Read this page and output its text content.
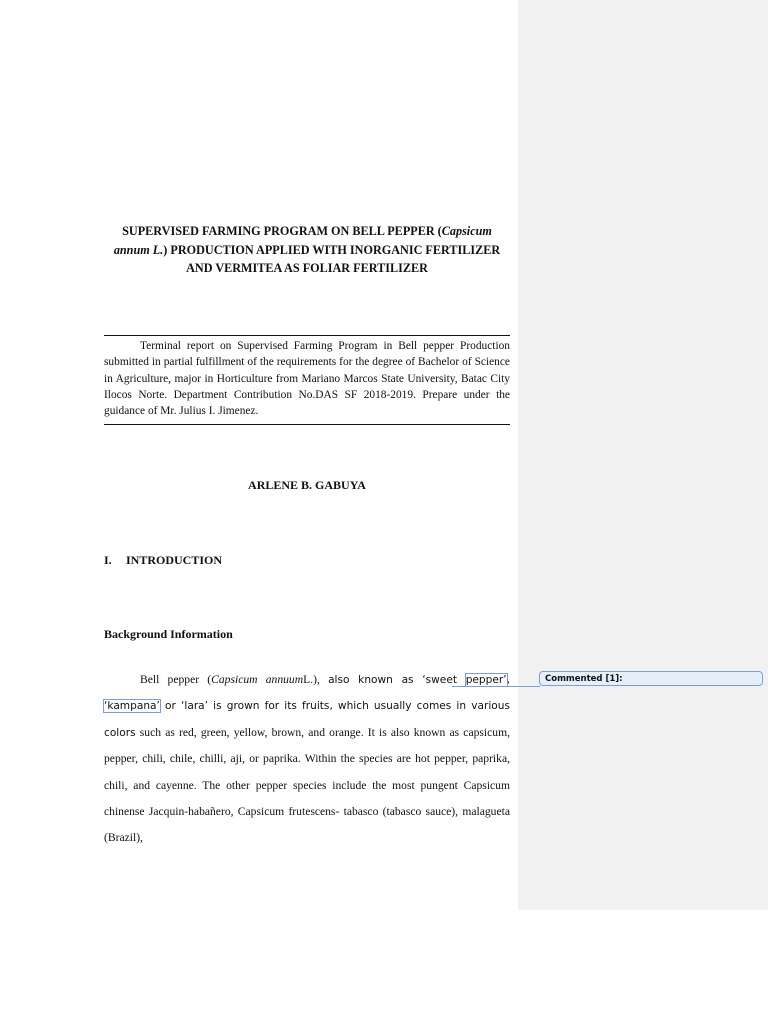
SUPERVISED FARMING PROGRAM ON BELL PEPPER (Capsicum annum L.) PRODUCTION APPLIED WITH INORGANIC FERTILIZER AND VERMITEA AS FOLIAR FERTILIZER
Terminal report on Supervised Farming Program in Bell pepper Production submitted in partial fulfillment of the requirements for the degree of Bachelor of Science in Agriculture, major in Horticulture from Mariano Marcos State University, Batac City Ilocos Norte. Department Contribution No.DAS SF 2018-2019. Prepare under the guidance of Mr. Julius I. Jimenez.
ARLENE B. GABUYA
I. INTRODUCTION
Background Information
Bell pepper (Capsicum annuumL.), also known as ‘sweet pepper’, ‘kampana’ or ‘lara’ is grown for its fruits, which usually comes in various colors such as red, green, yellow, brown, and orange. It is also known as capsicum, pepper, chili, chile, chilli, aji, or paprika. Within the species are hot pepper, paprika, chili, and cayenne. The other pepper species include the most pungent Capsicum chinense Jacquin-habañero, Capsicum frutescens- tabasco (tabasco sauce), malagueta (Brazil),
Commented [1]:
